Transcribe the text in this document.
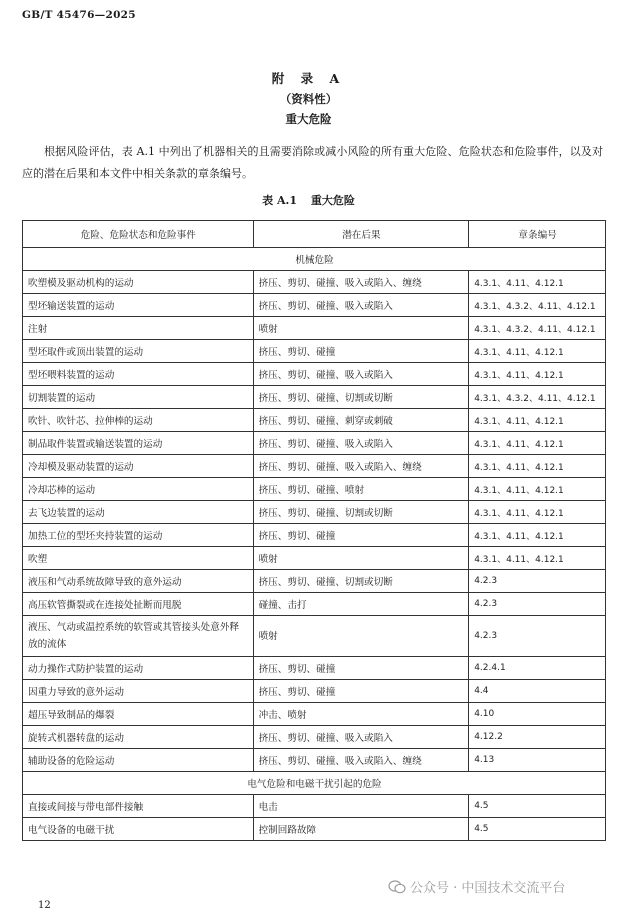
GB/T 45476—2025
附 录 A
（资料性）
重大危险

根据风险评估，表 A.1 中列出了机器相关的且需要消除或减小风险的所有重大危险、危险状态和危险事件，以及对应的潜在后果和本文件中相关条款的章条编号。

表 A.1 重大危险
危险、危险状态和危险事件	潜在后果	章条编号
机械危险		
吹塑模及驱动机构的运动	挤压、剪切、碰撞、吸入或陷入、缠绕	4.3.1、4.11、4.12.1
型坯输送装置的运动	挤压、剪切、碰撞、吸入或陷入	4.3.1、4.3.2、4.11、4.12.1
注射	喷射	4.3.1、4.3.2、4.11、4.12.1
型坯取件或顶出装置的运动	挤压、剪切、碰撞	4.3.1、4.11、4.12.1
型坯喂料装置的运动	挤压、剪切、碰撞、吸入或陷入	4.3.1、4.11、4.12.1
切割装置的运动	挤压、剪切、碰撞、切割或切断	4.3.1、4.3.2、4.11、4.12.1
吹针、吹针芯、拉伸棒的运动	挤压、剪切、碰撞、刺穿或刺破	4.3.1、4.11、4.12.1
制品取件装置或输送装置的运动	挤压、剪切、碰撞、吸入或陷入	4.3.1、4.11、4.12.1
冷却模及驱动装置的运动	挤压、剪切、碰撞、吸入或陷入、缠绕	4.3.1、4.11、4.12.1
冷却芯棒的运动	挤压、剪切、碰撞、喷射	4.3.1、4.11、4.12.1
去飞边装置的运动	挤压、剪切、碰撞、切割或切断	4.3.1、4.11、4.12.1
加热工位的型坯夹持装置的运动	挤压、剪切、碰撞	4.3.1、4.11、4.12.1
吹塑	喷射	4.3.1、4.11、4.12.1
液压和气动系统故障导致的意外运动	挤压、剪切、碰撞、切割或切断	4.2.3
高压软管撕裂或在连接处扯断而甩脱	碰撞、击打	4.2.3
液压、气动或温控系统的软管或其管接头处意外释放的流体	喷射	4.2.3
动力操作式防护装置的运动	挤压、剪切、碰撞	4.2.4.1
因重力导致的意外运动	挤压、剪切、碰撞	4.4
超压导致制品的爆裂	冲击、喷射	4.10
旋转式机器转盘的运动	挤压、剪切、碰撞、吸入或陷入	4.12.2
辅助设备的危险运动	挤压、剪切、碰撞、吸入或陷入、缠绕	4.13
电气危险和电磁干扰引起的危险		
直接或间接与带电部件接触	电击	4.5
电气设备的电磁干扰	控制回路故障	4.5
公众号 · 中国技术交流平台
12
